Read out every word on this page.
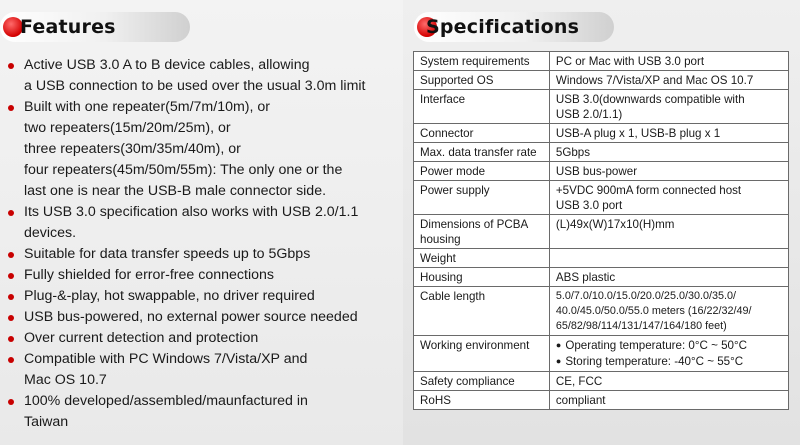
Features	Specifications
Active USB 3.0 A to B device cables, allowing
a USB connection to be used over the usual 3.0m limit
Built with one repeater(5m/7m/10m), or
two repeaters(15m/20m/25m), or
three repeaters(30m/35m/40m), or
four repeaters(45m/50m/55m): The only one or the
last one is near the USB-B male connector side.
Its USB 3.0 specification also works with USB 2.0/1.1
devices.
Suitable for data transfer speeds up to 5Gbps
Fully shielded for error-free connections
Plug-&-play, hot swappable, no driver required
USB bus-powered, no external power source needed
Over current detection and protection
Compatible with PC Windows 7/Vista/XP and
Mac OS 10.7
100% developed/assembled/maunfactured in
Taiwan
System requirements	PC or Mac with USB 3.0 port

Supported OS	Windows 7/Vista/XP and Mac OS 10.7

Interface	USB 3.0(downwards compatible with
USB 2.0/1.1)

Connector	USB-A plug x 1, USB-B plug x 1

Max. data transfer rate	5Gbps

Power mode	USB bus-power

Power supply	+5VDC 900mA form connected host
USB 3.0 port

Dimensions of PCBA
housing	(L)49x(W)17x10(H)mm

Weight	

Housing	ABS plastic

Cable length	5.0/7.0/10.0/15.0/20.0/25.0/30.0/35.0/
40.0/45.0/50.0/55.0 meters (16/22/32/49/
65/82/98/114/131/147/164/180 feet)

Working environment	● Operating temperature: 0°C ~ 50°C
● Storing temperature: -40°C ~ 55°C

Safety compliance	CE, FCC

RoHS	compliant
